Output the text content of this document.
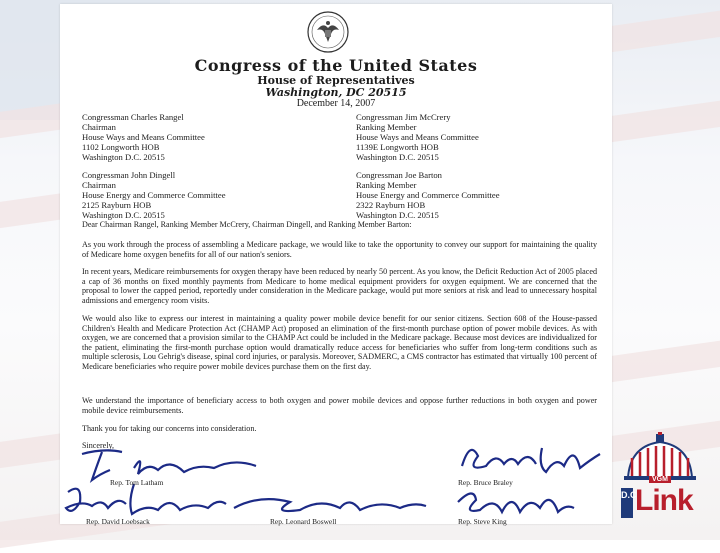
Congress of the United States
House of Representatives
Washington, DC 20515
December 14, 2007
Congressman Charles Rangel
Chairman
House Ways and Means Committee
1102 Longworth HOB
Washington D.C. 20515
Congressman Jim McCrery
Ranking Member
House Ways and Means Committee
1139E Longworth HOB
Washington D.C. 20515
Congressman John Dingell
Chairman
House Energy and Commerce Committee
2125 Rayburn HOB
Washington D.C. 20515
Congressman Joe Barton
Ranking Member
House Energy and Commerce Committee
2322 Rayburn HOB
Washington D.C. 20515
Dear Chairman Rangel, Ranking Member McCrery, Chairman Dingell, and Ranking Member Barton:
As you work through the process of assembling a Medicare package, we would like to take the opportunity to convey our support for maintaining the quality of Medicare home oxygen benefits for all of our nation's seniors.
In recent years, Medicare reimbursements for oxygen therapy have been reduced by nearly 50 percent. As you know, the Deficit Reduction Act of 2005 placed a cap of 36 months on fixed monthly payments from Medicare to home medical equipment providers for oxygen equipment. We are concerned that the proposal to lower the capped period, reportedly under consideration in the Medicare package, would put more seniors at risk and lead to unnecessary hospital admissions and emergency room visits.
We would also like to express our interest in maintaining a quality power mobile device benefit for our senior citizens. Section 608 of the House-passed Children's Health and Medicare Protection Act (CHAMP Act) proposed an elimination of the first-month purchase option of power mobile devices. As with oxygen, we are concerned that a provision similar to the CHAMP Act could be included in the Medicare package. Because most devices are individualized for the patient, eliminating the first-month purchase option would dramatically reduce access for beneficiaries who suffer from long-term conditions such as multiple sclerosis, Lou Gehrig's disease, spinal cord injuries, or paralysis. Moreover, SADMERC, a CMS contractor has estimated that virtually 100 percent of Medicare beneficiaries who require power mobile devices purchase them on the first day.
We understand the importance of beneficiary access to both oxygen and power mobile devices and oppose further reductions in both oxygen and power mobile device reimbursements.
Thank you for taking our concerns into consideration.
Sincerely,
Rep. Tom Latham	Rep. Bruce Braley
Rep. David Loebsack	Rep. Leonard Boswell	Rep. Steve King
VGM
D.C.
Link
